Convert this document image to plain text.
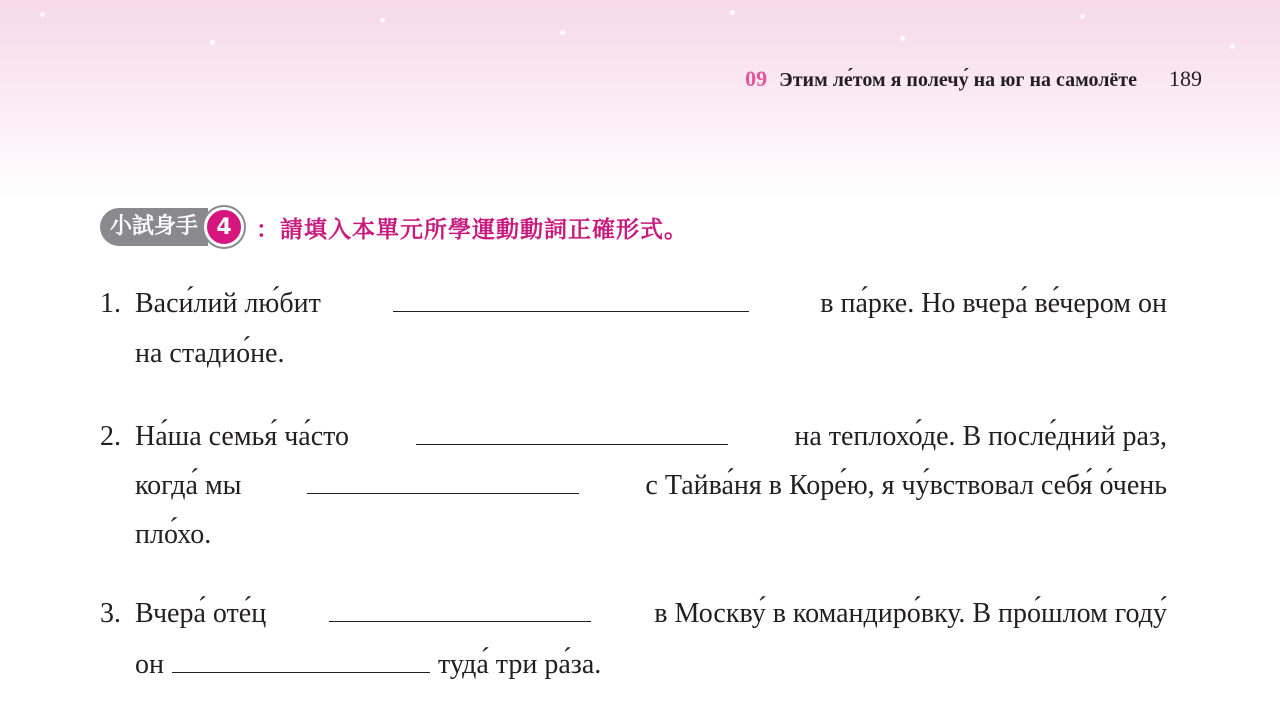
09 Этим ле́том я полечу́ на юг на самолёте 189
小試身手 4	：請填入本單元所學運動動詞正確形式。
1. Васи́лий лю́бит	в па́рке. Но вчера́ ве́чером он
на стадио́не.
2. На́ша семья́ ча́сто	на теплохо́де. В после́дний раз,
когда́ мы	с Тайва́ня в Коре́ю, я чу́вствовал себя́ о́чень
пло́хо.
3. Вчера́ оте́ц	в Москву́ в командиро́вку. В про́шлом году́
он	туда́ три ра́за.
